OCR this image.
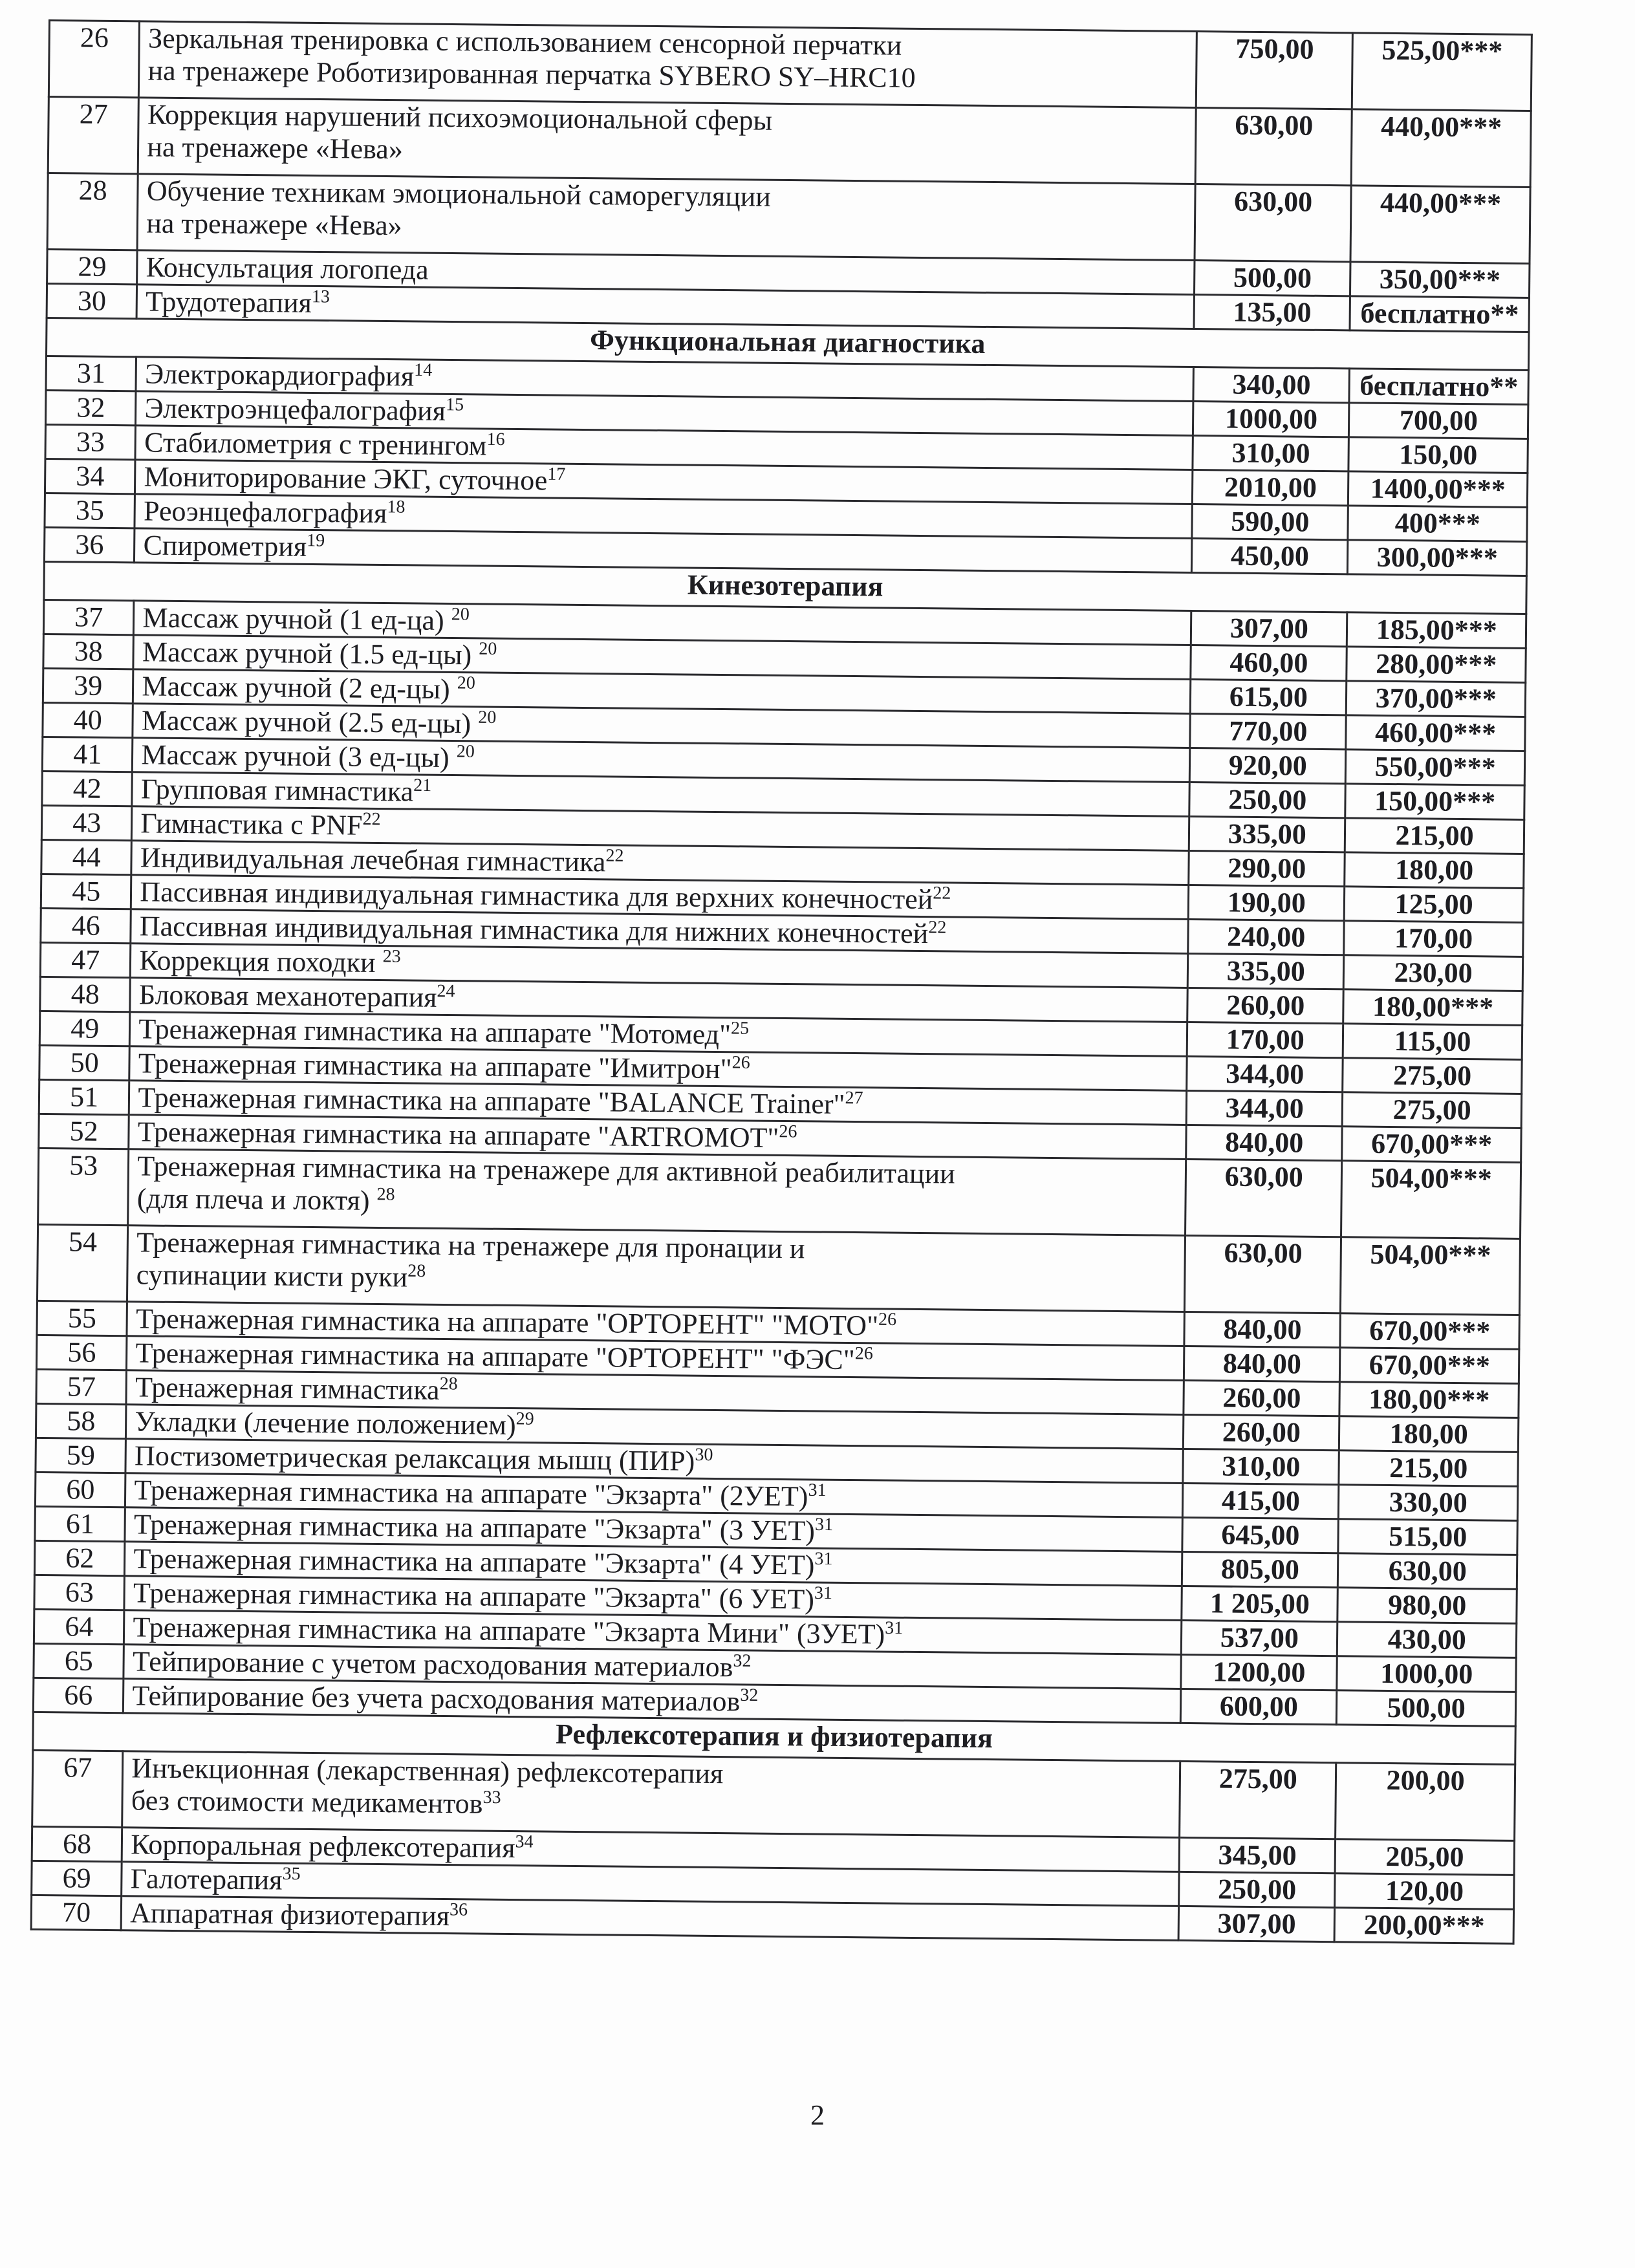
26	Зеркальная тренировка с использованием сенсорной перчатки
на тренажере Роботизированная перчатка SYBERO SY–HRC10	750,00	525,00***
27	Коррекция нарушений психоэмоциональной сферы
на тренажере «Нева»	630,00	440,00***
28	Обучение техникам эмоциональной саморегуляции
на тренажере «Нева»	630,00	440,00***
29	Консультация логопеда	500,00	350,00***
30	Трудотерапия$^{13}$	135,00	бесплатно**
Функциональная диагностика			
31	Электрокардиография$^{14}$	340,00	бесплатно**
32	Электроэнцефалография$^{15}$	1000,00	700,00
33	Стабилометрия с тренингом$^{16}$	310,00	150,00
34	Мониторирование ЭКГ, суточное$^{17}$	2010,00	1400,00***
35	Реоэнцефалография$^{18}$	590,00	400***
36	Спирометрия$^{19}$	450,00	300,00***
Кинезотерапия			
37	Массаж ручной (1 ед-ца) $^{20}$	307,00	185,00***
38	Массаж ручной (1.5 ед-цы) $^{20}$	460,00	280,00***
39	Массаж ручной (2 ед-цы) $^{20}$	615,00	370,00***
40	Массаж ручной (2.5 ед-цы) $^{20}$	770,00	460,00***
41	Массаж ручной (3 ед-цы) $^{20}$	920,00	550,00***
42	Групповая гимнастика$^{21}$	250,00	150,00***
43	Гимнастика с PNF$^{22}$	335,00	215,00
44	Индивидуальная лечебная гимнастика$^{22}$	290,00	180,00
45	Пассивная индивидуальная гимнастика для верхних конечностей$^{22}$	190,00	125,00
46	Пассивная индивидуальная гимнастика для нижних конечностей$^{22}$	240,00	170,00
47	Коррекция походки $^{23}$	335,00	230,00
48	Блоковая механотерапия$^{24}$	260,00	180,00***
49	Тренажерная гимнастика на аппарате "Мотомед"$^{25}$	170,00	115,00
50	Тренажерная гимнастика на аппарате "Имитрон"$^{26}$	344,00	275,00
51	Тренажерная гимнастика на аппарате "BALANCE Trainer"$^{27}$	344,00	275,00
52	Тренажерная гимнастика на аппарате "ARTROMOT"$^{26}$	840,00	670,00***
53	Тренажерная гимнастика на тренажере для активной реабилитации
(для плеча и локтя) $^{28}$	630,00	504,00***
54	Тренажерная гимнастика на тренажере для пронации и
супинации кисти руки$^{28}$	630,00	504,00***
55	Тренажерная гимнастика на аппарате "ОРТОРЕНТ" "МОТО"$^{26}$	840,00	670,00***
56	Тренажерная гимнастика на аппарате "ОРТОРЕНТ" "ФЭС"$^{26}$	840,00	670,00***
57	Тренажерная гимнастика$^{28}$	260,00	180,00***
58	Укладки (лечение положением)$^{29}$	260,00	180,00
59	Постизометрическая релаксация мышц (ПИР)$^{30}$	310,00	215,00
60	Тренажерная гимнастика на аппарате "Экзарта" $(2УЕТ)^{31}$	415,00	330,00
61	Тренажерная гимнастика на аппарате "Экзарта" (3 УЕТ)$^{31}$	645,00	515,00
62	Тренажерная гимнастика на аппарате "Экзарта" (4 УЕТ)$^{31}$	805,00	630,00
63	Тренажерная гимнастика на аппарате "Экзарта" (6 УЕТ)$^{31}$	1 205,00	980,00
64	Тренажерная гимнастика на аппарате "Экзарта Мини" $(3УЕТ)^{31}$	537,00	430,00
65	Тейпирование с учетом расходования материалов$^{32}$	1200,00	1000,00
66	Тейпирование без учета расходования материалов$^{32}$	600,00	500,00
Рефлексотерапия и физиотерапия			
67	Инъекционная (лекарственная) рефлексотерапия
без стоимости медикаментов$^{33}$	275,00	200,00
68	Корпоральная рефлексотерапия$^{34}$	345,00	205,00
69	Галотерапия$^{35}$	250,00	120,00
70	Аппаратная физиотерапия$^{36}$	307,00	200,00***
2
